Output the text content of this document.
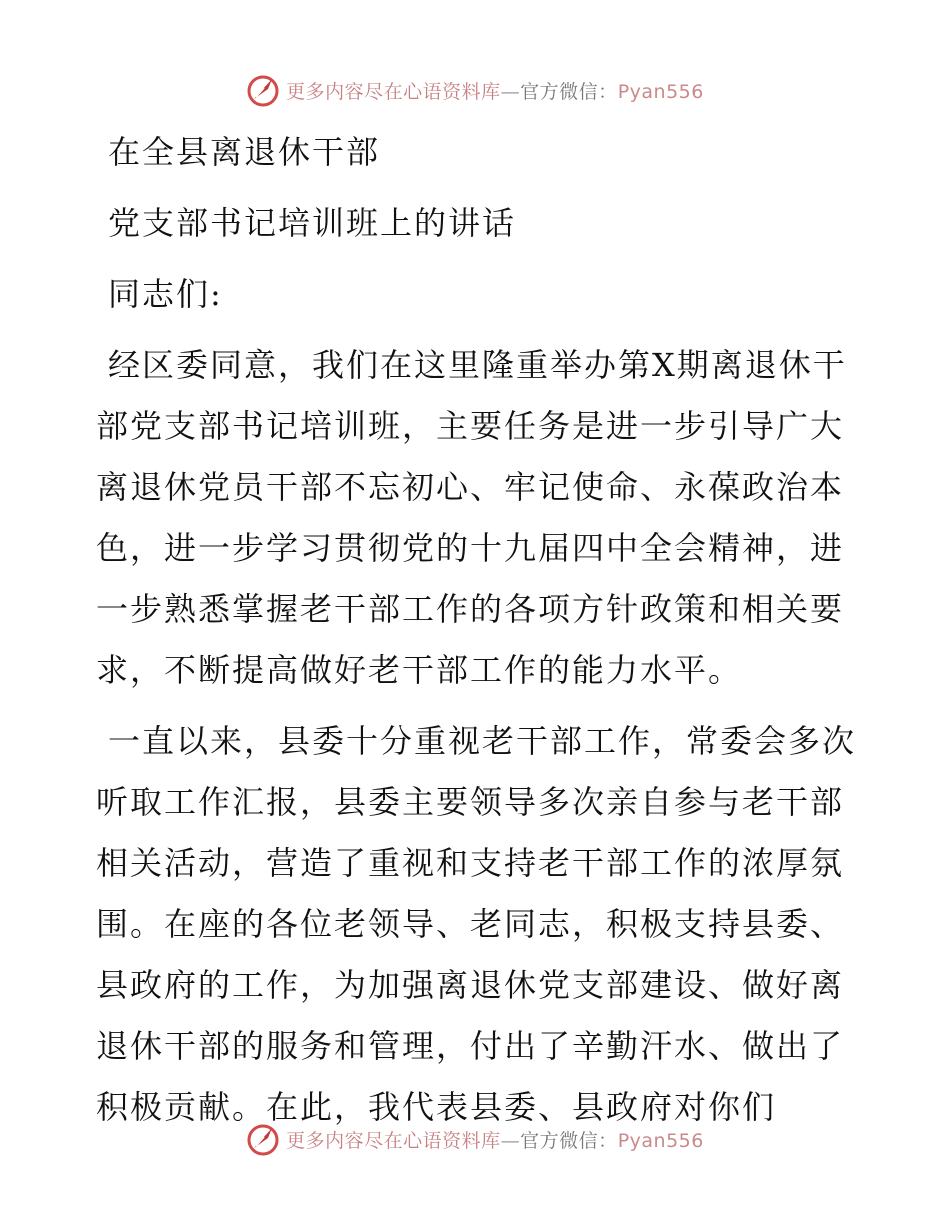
更多内容尽在心语资料库—官方微信：Pyan556

在全县离退休干部

党支部书记培训班上的讲话

同志们:

经区委同意，我们在这里隆重举办第X期离退休干部党支部书记培训班，主要任务是进一步引导广大离退休党员干部不忘初心、牢记使命、永葆政治本色，进一步学习贯彻党的十九届四中全会精神，进一步熟悉掌握老干部工作的各项方针政策和相关要求，不断提高做好老干部工作的能力水平。

一直以来，县委十分重视老干部工作，常委会多次听取工作汇报，县委主要领导多次亲自参与老干部相关活动，营造了重视和支持老干部工作的浓厚氛围。在座的各位老领导、老同志，积极支持县委、县政府的工作，为加强离退休党支部建设、做好离退休干部的服务和管理，付出了辛勤汗水、做出了积极贡献。在此，我代表县委、县政府对你们

更多内容尽在心语资料库—官方微信：Pyan556
